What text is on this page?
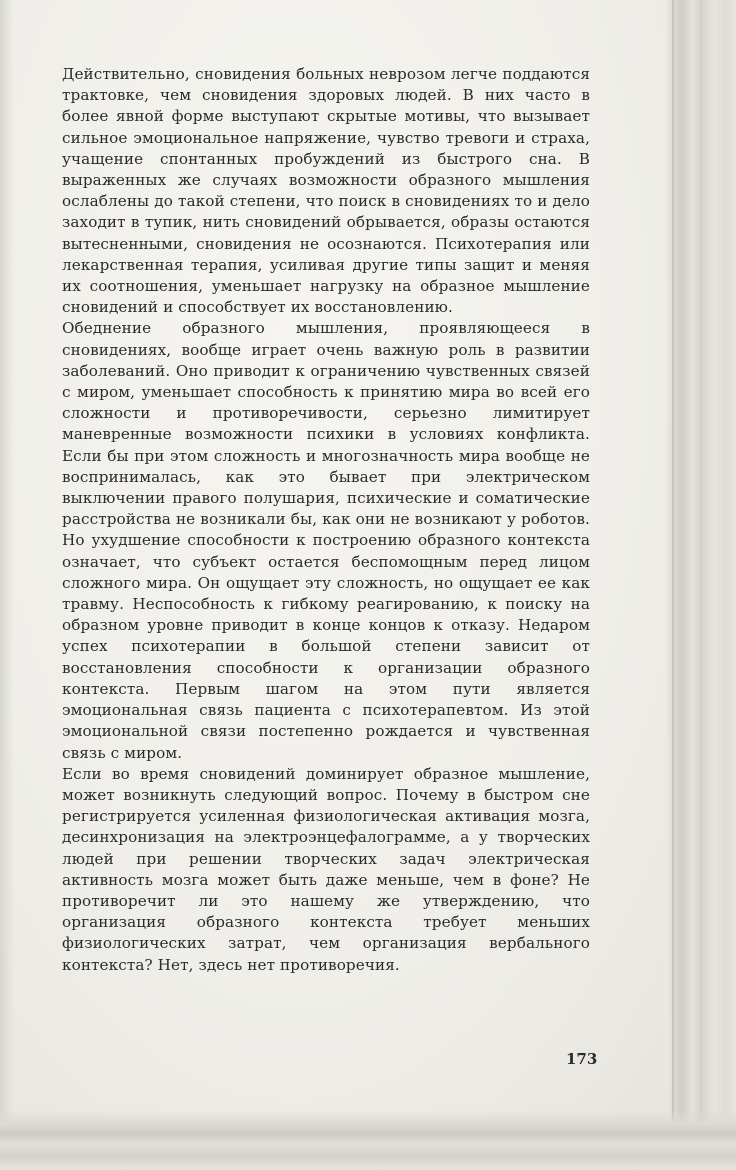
Действительно, сновидения больных неврозом легче поддаются трактовке, чем сновидения здоровых людей. В них часто в более явной форме выступают скрытые мотивы, что вызывает сильное эмоциональное напряжение, чувство тревоги и страха, учащение спонтанных пробуждений из быстрого сна. В выраженных же случаях возможности образного мышления ослаблены до такой степени, что поиск в сновидениях то и дело заходит в тупик, нить сновидений обрывается, образы остаются вытесненными, сновидения не осознаются. Психотерапия или лекарственная терапия, усиливая другие типы защит и меняя их соотношения, уменьшает нагрузку на образное мышление сновидений и способствует их восстановлению.

Обеднение образного мышления, проявляющееся в сновидениях, вообще играет очень важную роль в развитии заболеваний. Оно приводит к ограничению чувственных связей с миром, уменьшает способность к принятию мира во всей его сложности и противоречивости, серьезно лимитирует маневренные возможности психики в условиях конфликта. Если бы при этом сложность и многозначность мира вообще не воспринималась, как это бывает при электрическом выключении правого полушария, психические и соматические расстройства не возникали бы, как они не возникают у роботов. Но ухудшение способности к построению образного контекста означает, что субъект остается беспомощным перед лицом сложного мира. Он ощущает эту сложность, но ощущает ее как травму. Неспособность к гибкому реагированию, к поиску на образном уровне приводит в конце концов к отказу. Недаром успех психотерапии в большой степени зависит от восстановления способности к организации образного контекста. Первым шагом на этом пути является эмоциональная связь пациента с психотерапевтом. Из этой эмоциональной связи постепенно рождается и чувственная связь с миром.

Если во время сновидений доминирует образное мышление, может возникнуть следующий вопрос. Почему в быстром сне регистрируется усиленная физиологическая активация мозга, десинхронизация на электроэнцефалограмме, а у творческих людей при решении творческих задач электрическая активность мозга может быть даже меньше, чем в фоне? Не противоречит ли это нашему же утверждению, что организация образного контекста требует меньших физиологических затрат, чем организация вербального контекста? Нет, здесь нет противоречия.

173
